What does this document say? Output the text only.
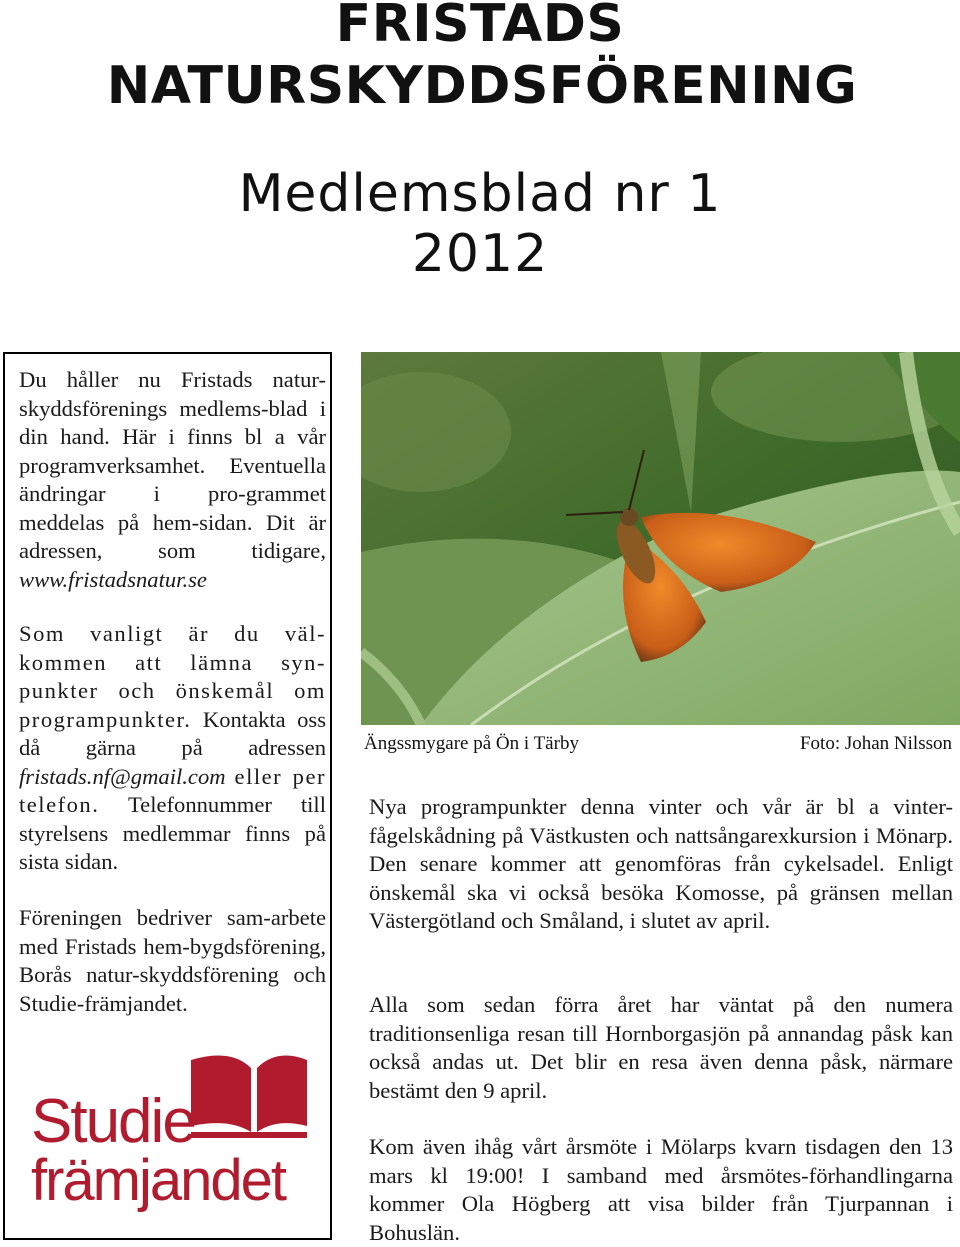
FRISTADS
NATURSKYDDSFÖRENING
Medlemsblad nr 1
2012

Du håller nu Fristads natur-skyddsförenings medlems-blad i din hand. Här i finns bl a vår programverksamhet. Eventuella ändringar i pro-grammet meddelas på hem-sidan. Dit är adressen, som tidigare, www.fristadsnatur.se

Som vanligt är du väl-kommen att lämna syn-punkter och önskemål om programpunkter. Kontakta oss då gärna på adressen fristads.nf@gmail.com eller per telefon. Telefonnummer till styrelsens medlemmar finns på sista sidan.

Föreningen bedriver sam-arbete med Fristads hem-bygdsförening, Borås natur-skyddsförening och Studie-främjandet.

Studie
främjandet

Ängssmygare på Ön i Tärby	Foto: Johan Nilsson

Nya programpunkter denna vinter och vår är bl a vinter-fågelskådning på Västkusten och nattsångarexkursion i Mönarp. Den senare kommer att genomföras från cykelsadel. Enligt önskemål ska vi också besöka Komosse, på gränsen mellan Västergötland och Småland, i slutet av april.

Alla som sedan förra året har väntat på den numera traditionsenliga resan till Hornborgasjön på annandag påsk kan också andas ut. Det blir en resa även denna påsk, närmare bestämt den 9 april.

Kom även ihåg vårt årsmöte i Mölarps kvarn tisdagen den 13 mars kl 19:00! I samband med årsmötes-förhandlingarna kommer Ola Högberg att visa bilder från Tjurpannan i Bohuslän.
